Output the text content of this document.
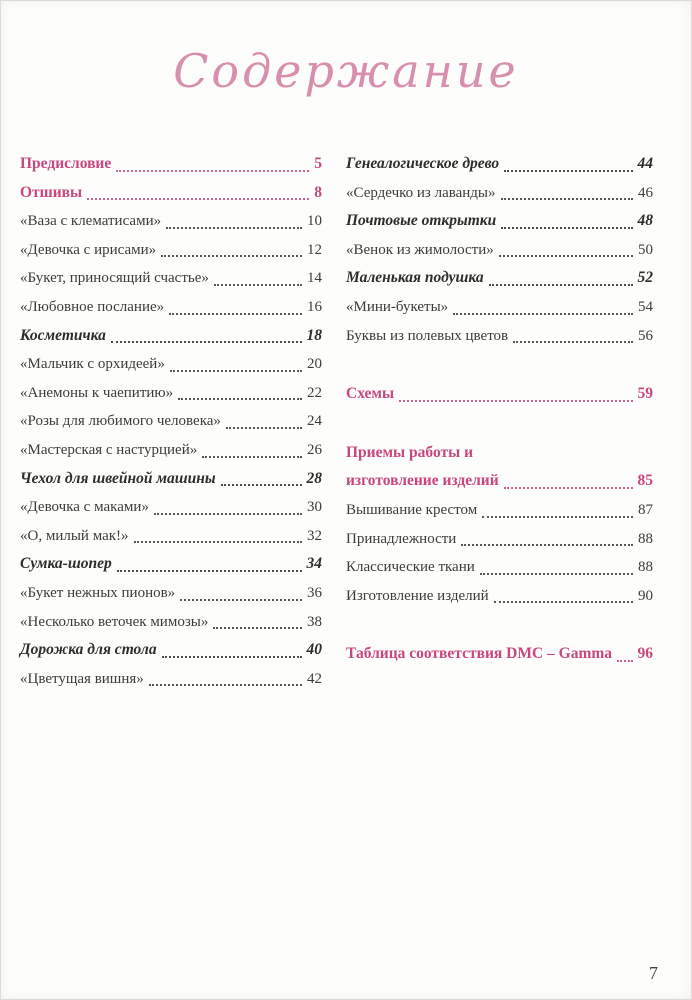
Содержание
Предисловие	5
Отшивы	8
«Ваза с клематисами»	10
«Девочка с ирисами»	12
«Букет, приносящий счастье»	14
«Любовное послание»	16
Косметичка	18
«Мальчик с орхидеей»	20
«Анемоны к чаепитию»	22
«Розы для любимого человека»	24
«Мастерская с настурцией»	26
Чехол для швейной машины	28
«Девочка с маками»	30
«О, милый мак!»	32
Сумка-шопер	34
«Букет нежных пионов»	36
«Несколько веточек мимозы»	38
Дорожка для стола	40
«Цветущая вишня»	42
Генеалогическое древо	44
«Сердечко из лаванды»	46
Почтовые открытки	48
«Венок из жимолости»	50
Маленькая подушка	52
«Мини-букеты»	54
Буквы из полевых цветов	56
Схемы	59
Приемы работы и
изготовление изделий	85
Вышивание крестом	87
Принадлежности	88
Классические ткани	88
Изготовление изделий	90
Таблица соответствия DMC – Gamma 96
7
